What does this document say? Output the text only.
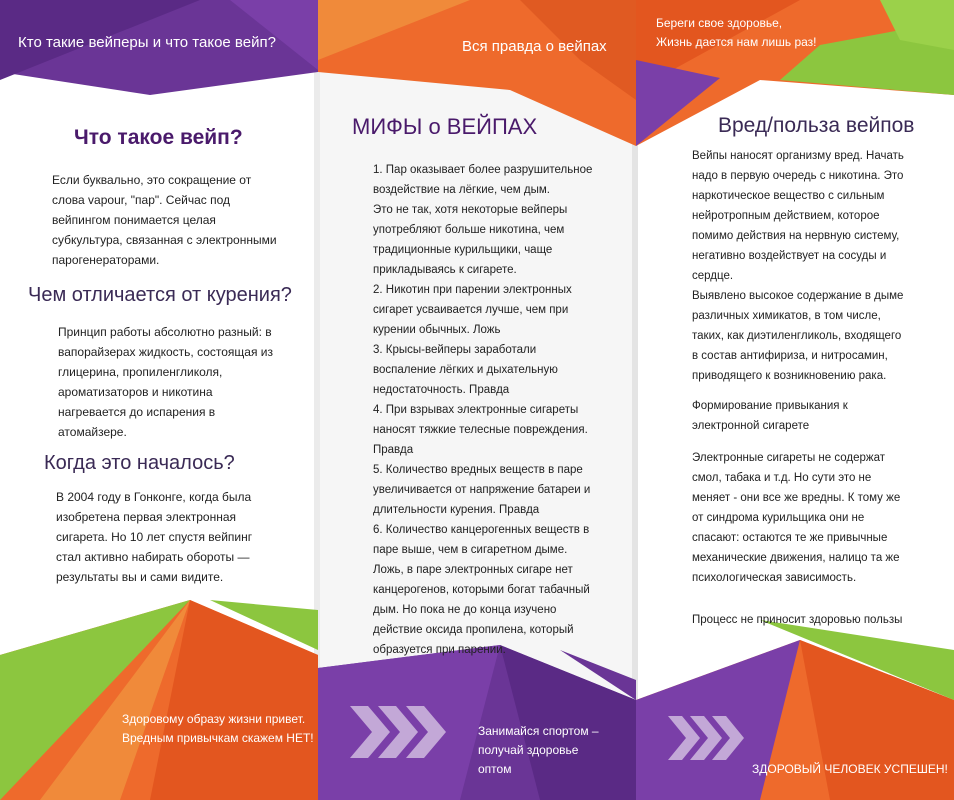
Кто такие вейперы и что такое вейп?
Что такое вейп?

Если буквально, это сокращение от

слова vapour, "пар". Сейчас под

вейпингом понимается целая

субкультура, связанная с электронными

парогенераторами.

Чем отличается от курения?

Принцип работы абсолютно разный: в

вапорайзерах жидкость, состоящая из

глицерина, пропиленгликоля,

ароматизаторов и никотина

нагревается до испарения в

атомайзере.

Когда это началось?

В 2004 году в Гонконге, когда была

изобретена первая электронная

сигарета. Но 10 лет спустя вейпинг

стал активно набирать обороты —

результаты вы и сами видите.

Здоровому образу жизни привет.
Вредным привычкам скажем НЕТ!
Вся правда о вейпах
МИФЫ о ВЕЙПАХ

1. Пар оказывает более разрушительное

воздействие на лёгкие, чем дым.

Это не так, хотя некоторые вейперы

употребляют больше никотина, чем

традиционные курильщики, чаще

прикладываясь к сигарете.

2. Никотин при парении электронных

сигарет усваивается лучше, чем при

курении обычных. Ложь

3. Крысы-вейперы заработали

воспаление лёгких и дыхательную

недостаточность. Правда

4. При взрывах электронные сигареты

наносят тяжкие телесные повреждения.

Правда

5. Количество вредных веществ в паре

увеличивается от напряжение батареи и

длительности курения. Правда

6. Количество канцерогенных веществ в

паре выше, чем в сигаретном дыме.

Ложь, в паре электронных сигаре нет

канцерогенов, которыми богат табачный

дым. Но пока не до конца изучено

действие оксида пропилена, который

образуется при парении.

Занимайся спортом –
получай здоровье
оптом
Береги свое здоровье,
Жизнь дается нам лишь раз!
Вред/польза вейпов

Вейпы наносят организму вред. Начать

надо в первую очередь с никотина. Это

наркотическое вещество с сильным

нейротропным действием, которое

помимо действия на нервную систему,

негативно воздействует на сосуды и

сердце.

Выявлено высокое содержание в дыме

различных химикатов, в том числе,

таких, как диэтиленгликоль, входящего

в состав антифириза, и нитросамин,

приводящего к возникновению рака.

Формирование привыкания к

электронной сигарете

Электронные сигареты не содержат

смол, табака и т.д. Но сути это не

меняет - они все же вредны. К тому же

от синдрома курильщика они не

спасают: остаются те же привычные

механические движения, налицо та же

психологическая зависимость.

Процесс не приносит здоровью пользы
ЗДОРОВЫЙ ЧЕЛОВЕК УСПЕШЕН!
